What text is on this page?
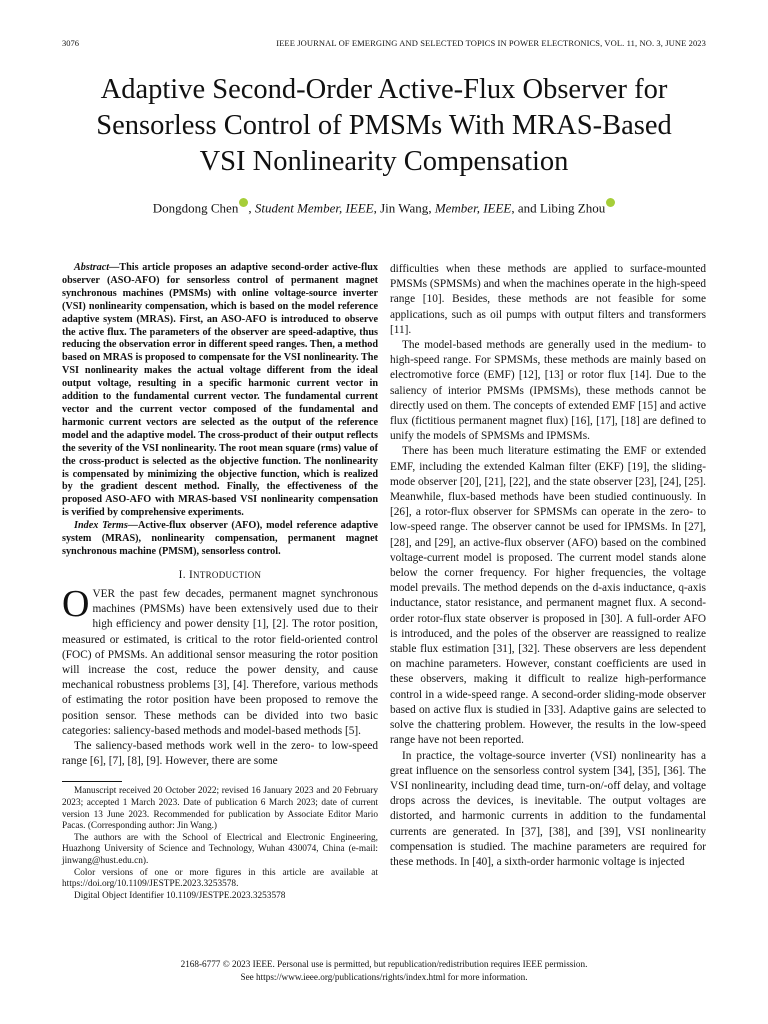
3076	IEEE JOURNAL OF EMERGING AND SELECTED TOPICS IN POWER ELECTRONICS, VOL. 11, NO. 3, JUNE 2023
Adaptive Second-Order Active-Flux Observer for
Sensorless Control of PMSMs With MRAS-Based
VSI Nonlinearity Compensation
Dongdong Chen , Student Member, IEEE, Jin Wang, Member, IEEE, and Libing Zhou

Abstract—This article proposes an adaptive second-order active-flux observer (ASO-AFO) for sensorless control of permanent magnet synchronous machines (PMSMs) with online voltage-source inverter (VSI) nonlinearity compensation, which is based on the model reference adaptive system (MRAS). First, an ASO-AFO is introduced to observe the active flux. The parameters of the observer are speed-adaptive, thus reducing the observation error in different speed ranges. Then, a method based on MRAS is proposed to compensate for the VSI nonlinearity. The VSI nonlinearity makes the actual voltage different from the ideal output voltage, resulting in a specific harmonic current vector in addition to the fundamental current vector. The fundamental current vector and the current vector composed of the fundamental and harmonic current vectors are selected as the output of the reference model and the adaptive model. The cross-product of their output reflects the severity of the VSI nonlinearity. The root mean square (rms) value of the cross-product is selected as the objective function. The nonlinearity is compensated by minimizing the objective function, which is realized by the gradient descent method. Finally, the effectiveness of the proposed ASO-AFO with MRAS-based VSI nonlinearity compensation is verified by comprehensive experiments.

Index Terms—Active-flux observer (AFO), model reference adaptive system (MRAS), nonlinearity compensation, permanent magnet synchronous machine (PMSM), sensorless control.

I. INTRODUCTION

OVER the past few decades, permanent magnet synchronous machines (PMSMs) have been extensively used due to their high efficiency and power density [1], [2]. The rotor position, measured or estimated, is critical to the rotor field-oriented control (FOC) of PMSMs. An additional sensor measuring the rotor position will increase the cost, reduce the power density, and cause mechanical robustness problems [3], [4]. Therefore, various methods of estimating the rotor position have been proposed to remove the position sensor. These methods can be divided into two basic categories: saliency-based methods and model-based methods [5].

The saliency-based methods work well in the zero- to low-speed range [6], [7], [8], [9]. However, there are some

Manuscript received 20 October 2022; revised 16 January 2023 and 20 February 2023; accepted 1 March 2023. Date of publication 6 March 2023; date of current version 13 June 2023. Recommended for publication by Associate Editor Mario Pacas. (Corresponding author: Jin Wang.)

The authors are with the School of Electrical and Electronic Engineering, Huazhong University of Science and Technology, Wuhan 430074, China (e-mail: jinwang@hust.edu.cn).

Color versions of one or more figures in this article are available at https://doi.org/10.1109/JESTPE.2023.3253578.

Digital Object Identifier 10.1109/JESTPE.2023.3253578

difficulties when these methods are applied to surface-mounted PMSMs (SPMSMs) and when the machines operate in the high-speed range [10]. Besides, these methods are not feasible for some applications, such as oil pumps with output filters and transformers [11].

The model-based methods are generally used in the medium- to high-speed range. For SPMSMs, these methods are mainly based on electromotive force (EMF) [12], [13] or rotor flux [14]. Due to the saliency of interior PMSMs (IPMSMs), these methods cannot be directly used on them. The concepts of extended EMF [15] and active flux (fictitious permanent magnet flux) [16], [17], [18] are defined to unify the models of SPMSMs and IPMSMs.

There has been much literature estimating the EMF or extended EMF, including the extended Kalman filter (EKF) [19], the sliding-mode observer [20], [21], [22], and the state observer [23], [24], [25]. Meanwhile, flux-based methods have been studied continuously. In [26], a rotor-flux observer for SPMSMs can operate in the zero- to low-speed range. The observer cannot be used for IPMSMs. In [27], [28], and [29], an active-flux observer (AFO) based on the combined voltage-current model is proposed. The current model stands alone below the corner frequency. For higher frequencies, the voltage model prevails. The method depends on the d-axis inductance, q-axis inductance, stator resistance, and permanent magnet flux. A second-order rotor-flux state observer is proposed in [30]. A full-order AFO is introduced, and the poles of the observer are reassigned to realize stable flux estimation [31], [32]. These observers are less dependent on machine parameters. However, constant coefficients are used in these observers, making it difficult to realize high-performance control in a wide-speed range. A second-order sliding-mode observer based on active flux is studied in [33]. Adaptive gains are selected to solve the chattering problem. However, the results in the low-speed range have not been reported.

In practice, the voltage-source inverter (VSI) nonlinearity has a great influence on the sensorless control system [34], [35], [36]. The VSI nonlinearity, including dead time, turn-on/-off delay, and voltage drops across the devices, is inevitable. The output voltages are distorted, and harmonic currents in addition to the fundamental currents are generated. In [37], [38], and [39], VSI nonlinearity compensation is studied. The machine parameters are required for these methods. In [40], a sixth-order harmonic voltage is injected

2168-6777 © 2023 IEEE. Personal use is permitted, but republication/redistribution requires IEEE permission.
See https://www.ieee.org/publications/rights/index.html for more information.
